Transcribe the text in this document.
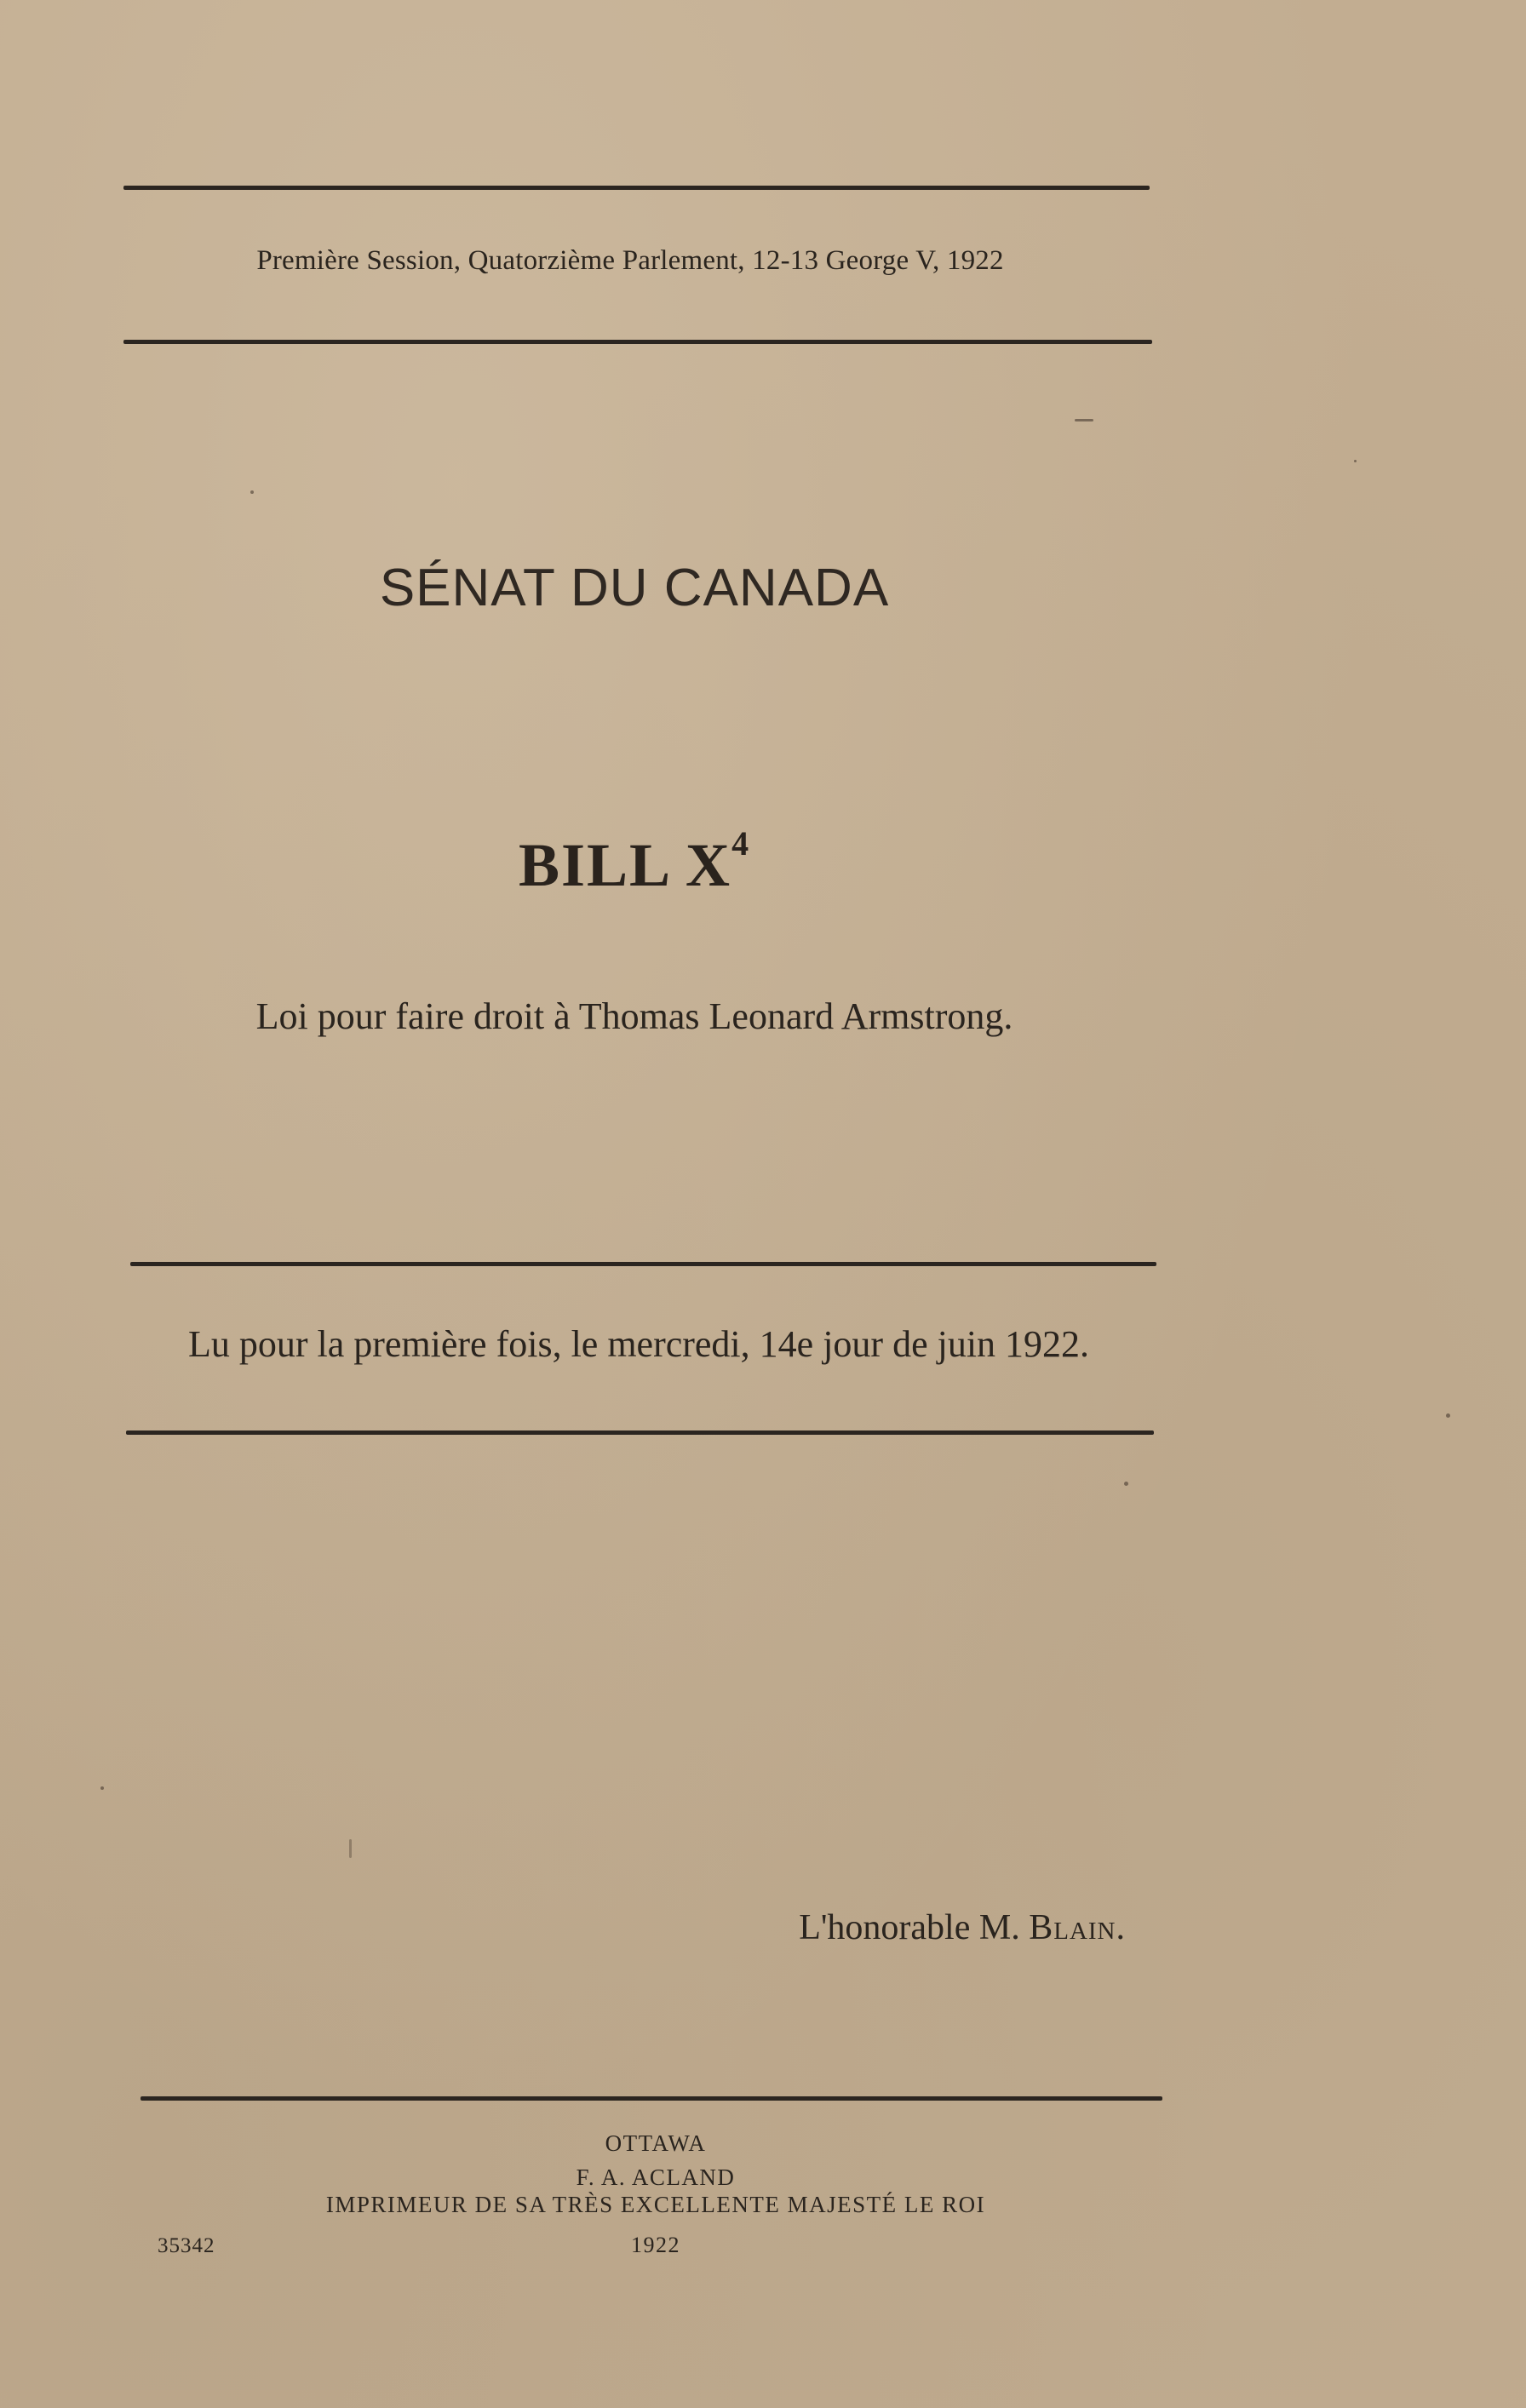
Première Session, Quatorzième Parlement, 12-13 George V, 1922
SÉNAT DU CANADA
BILL $X^4$
Loi pour faire droit à Thomas Leonard Armstrong.
Lu pour la première fois, le mercredi, 14e jour de juin 1922.
L'honorable M. Blain.
OTTAWA
F. A. ACLAND
IMPRIMEUR DE SA TRÈS EXCELLENTE MAJESTÉ LE ROI
1922
35342
